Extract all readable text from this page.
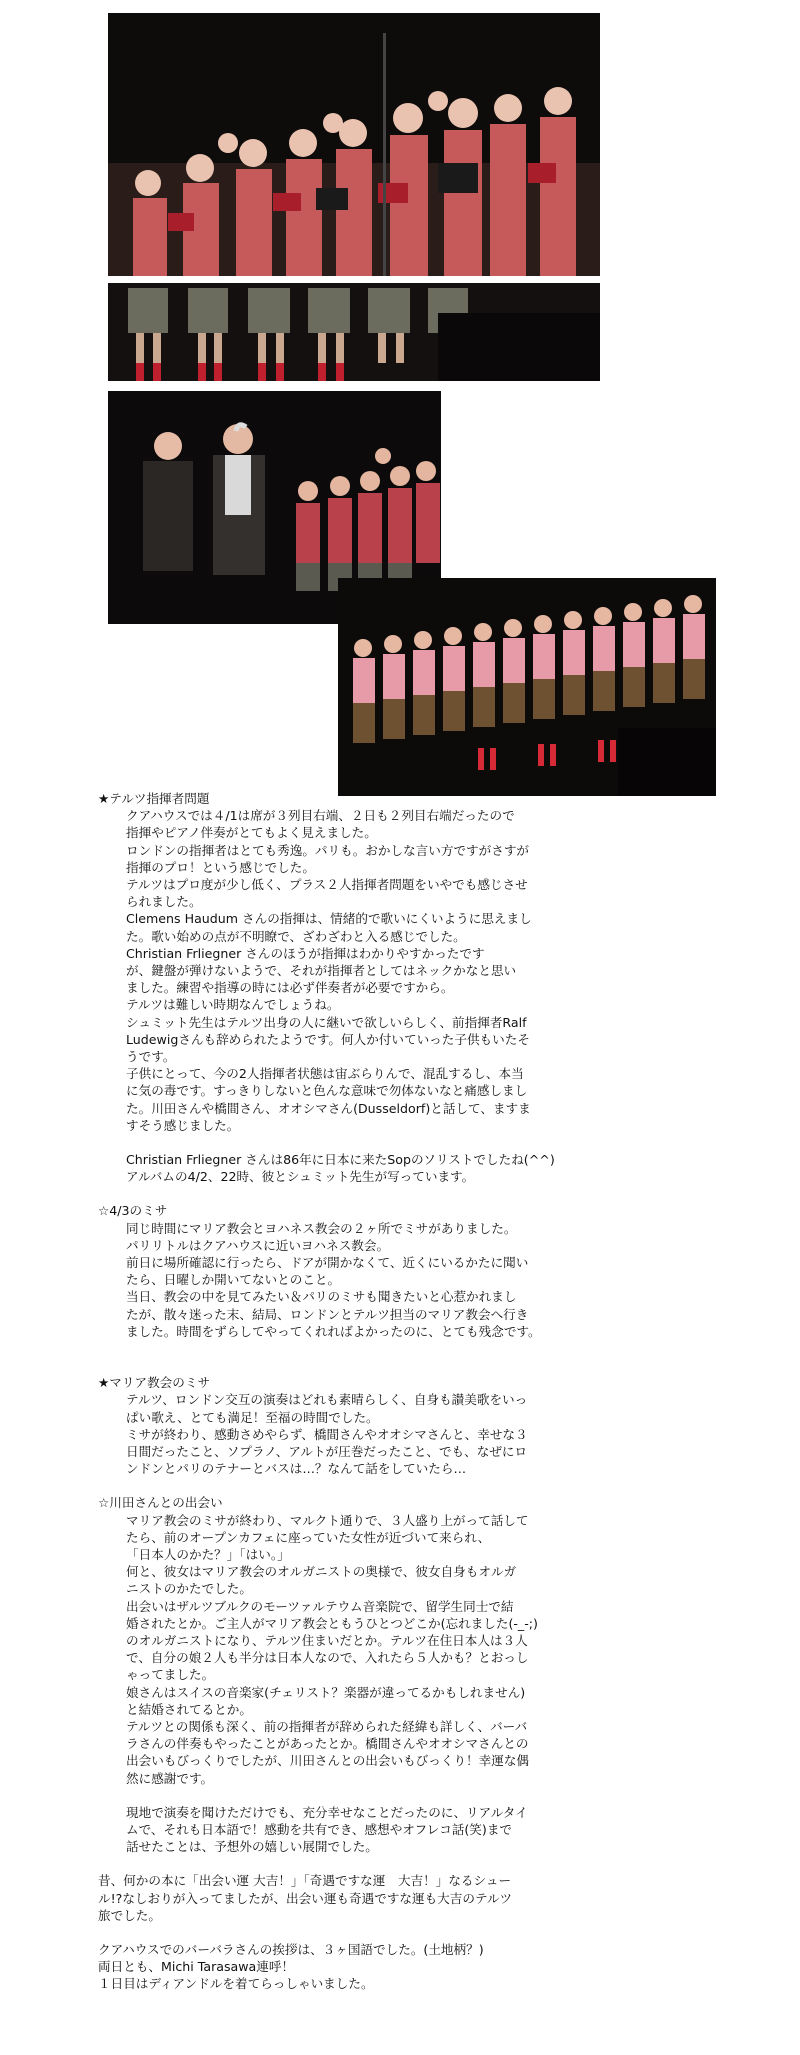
★テルツ指揮者問題

クアハウスでは４/1は席が３列目右端、２日も２列目右端だったので

指揮やピアノ伴奏がとてもよく見えました。

ロンドンの指揮者はとても秀逸。パリも。おかしな言い方ですがさすが

指揮のプロ！という感じでした。

テルツはプロ度が少し低く、プラス２人指揮者問題をいやでも感じさせ

られました。

Clemens Haudum さんの指揮は、情緒的で歌いにくいように思えまし

た。歌い始めの点が不明瞭で、ざわざわと入る感じでした。

Christian Frliegner さんのほうが指揮はわかりやすかったです

が、鍵盤が弾けないようで、それが指揮者としてはネックかなと思い

ました。練習や指導の時には必ず伴奏者が必要ですから。

テルツは難しい時期なんでしょうね。

シュミット先生はテルツ出身の人に継いで欲しいらしく、前指揮者Ralf

Ludewigさんも辞められたようです。何人か付いていった子供もいたそ

うです。

子供にとって、今の2人指揮者状態は宙ぶらりんで、混乱するし、本当

に気の毒です。すっきりしないと色んな意味で勿体ないなと痛感しまし

た。川田さんや橋間さん、オオシマさん(Dusseldorf)と話して、ますま

すそう感じました。

Christian Frliegner さんは86年に日本に来たSopのソリストでしたね(^^)

アルバムの4/2、22時、彼とシュミット先生が写っています。

☆4/3のミサ

同じ時間にマリア教会とヨハネス教会の２ヶ所でミサがありました。

パリリトルはクアハウスに近いヨハネス教会。

前日に場所確認に行ったら、ドアが開かなくて、近くにいるかたに聞い

たら、日曜しか開いてないとのこと。

当日、教会の中を見てみたい＆パリのミサも聞きたいと心惹かれまし

たが、散々迷った末、結局、ロンドンとテルツ担当のマリア教会へ行き

ました。時間をずらしてやってくれればよかったのに、とても残念です。

★マリア教会のミサ

テルツ、ロンドン交互の演奏はどれも素晴らしく、自身も讃美歌をいっ

ぱい歌え、とても満足！至福の時間でした。

ミサが終わり、感動さめやらず、橋間さんやオオシマさんと、幸せな３

日間だったこと、ソプラノ、アルトが圧巻だったこと、でも、なぜにロ

ンドンとパリのテナーとバスは…？なんて話をしていたら…

☆川田さんとの出会い

マリア教会のミサが終わり、マルクト通りで、３人盛り上がって話して

たら、前のオープンカフェに座っていた女性が近づいて来られ、

「日本人のかた？」「はい。」

何と、彼女はマリア教会のオルガニストの奥様で、彼女自身もオルガ

ニストのかたでした。

出会いはザルツブルクのモーツァルテウム音楽院で、留学生同士で結

婚されたとか。ご主人がマリア教会ともうひとつどこか(忘れました(-_-;)

のオルガニストになり、テルツ住まいだとか。テルツ在住日本人は３人

で、自分の娘２人も半分は日本人なので、入れたら５人かも？とおっし

ゃってました。

娘さんはスイスの音楽家(チェリスト？楽器が違ってるかもしれません)

と結婚されてるとか。

テルツとの関係も深く、前の指揮者が辞められた経緯も詳しく、バーバ

ラさんの伴奏もやったことがあったとか。橋間さんやオオシマさんとの

出会いもびっくりでしたが、川田さんとの出会いもびっくり！幸運な偶

然に感謝です。

現地で演奏を聞けただけでも、充分幸せなことだったのに、リアルタイ

ムで、それも日本語で！感動を共有でき、感想やオフレコ話(笑)まで

話せたことは、予想外の嬉しい展開でした。

昔、何かの本に「出会い運 大吉！」「奇遇ですな運　大吉！」なるシュー

ル!?なしおりが入ってましたが、出会い運も奇遇ですな運も大吉のテルツ

旅でした。

クアハウスでのバーバラさんの挨拶は、３ヶ国語でした。(土地柄？)

両日とも、Michi Tarasawa連呼！

１日目はディアンドルを着てらっしゃいました。
